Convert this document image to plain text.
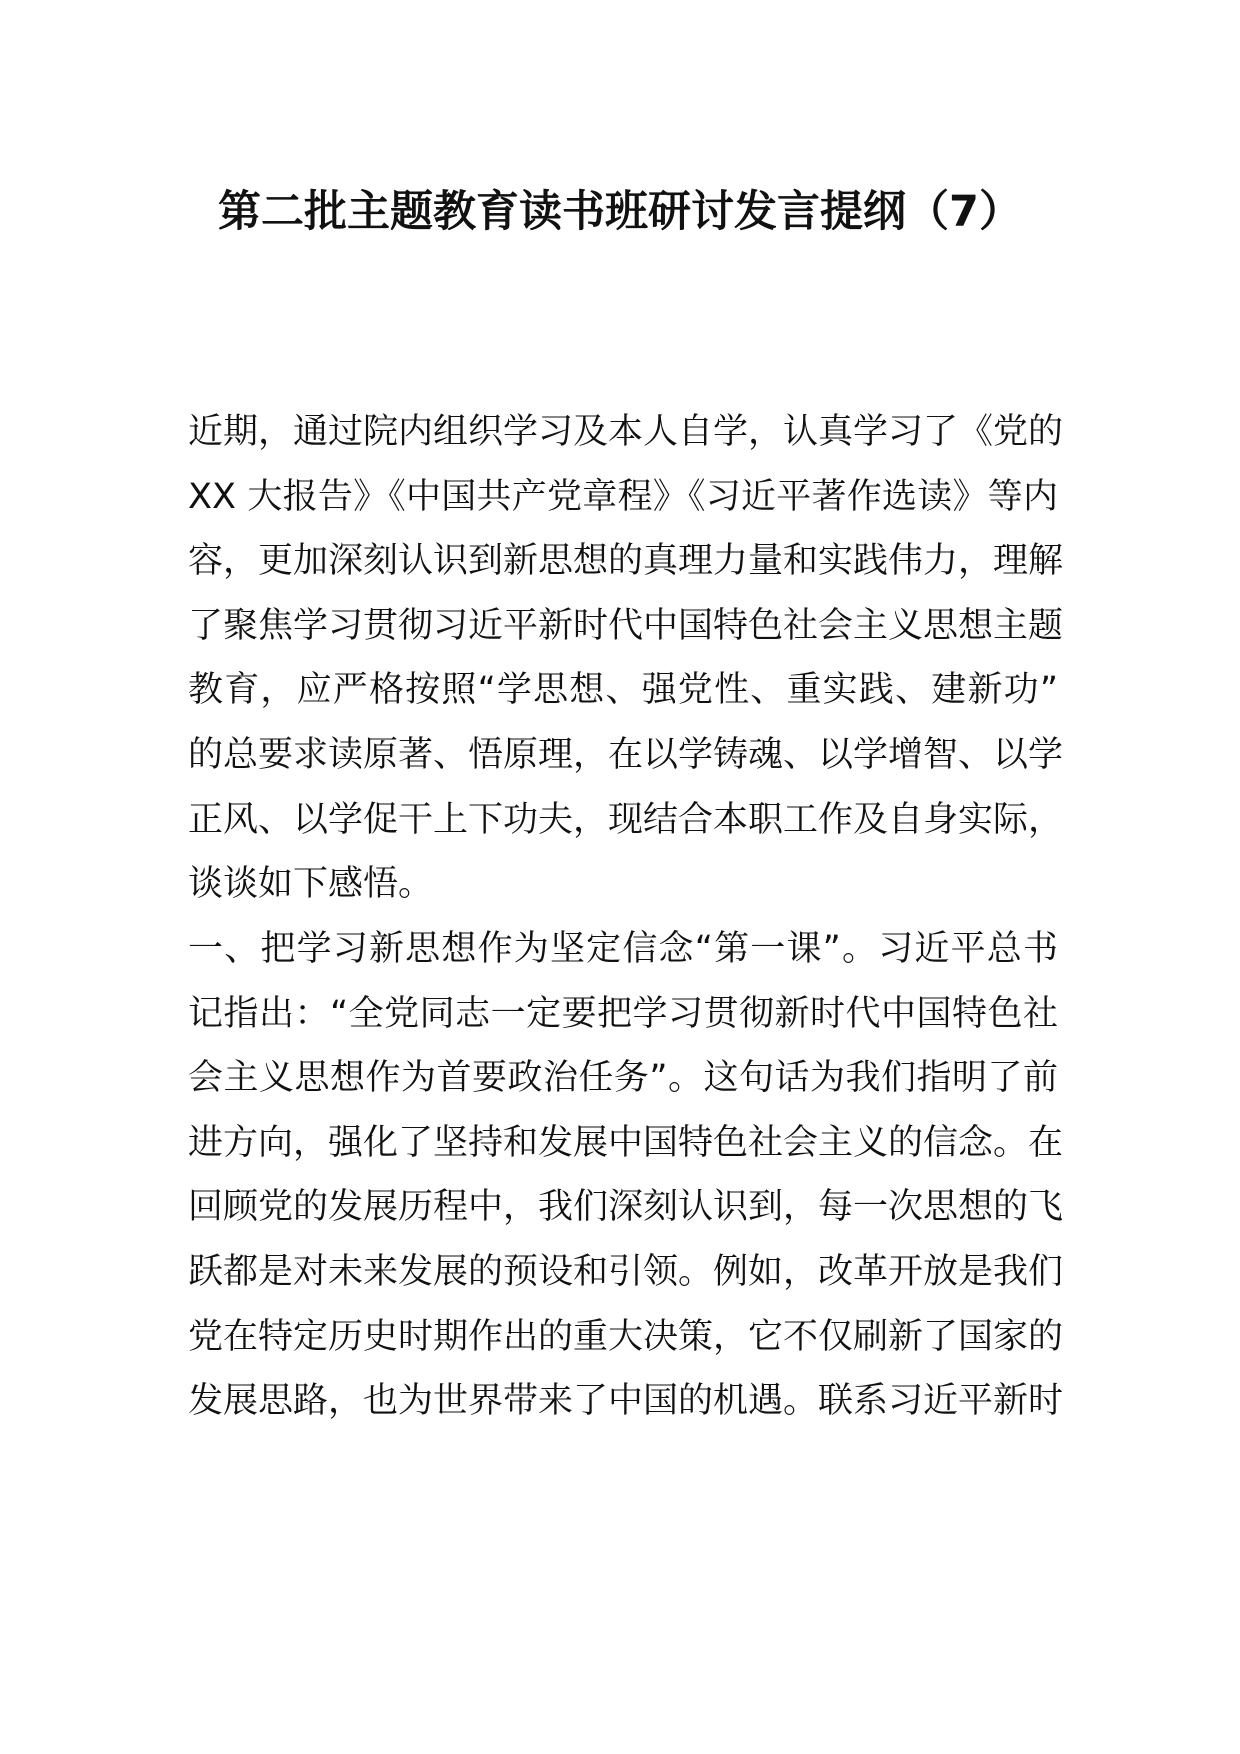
第二批主题教育读书班研讨发言提纲（7）
近期，通过院内组织学习及本人自学，认真学习了《党的
XX 大报告》《中国共产党章程》《习近平著作选读》等内
容，更加深刻认识到新思想的真理力量和实践伟力，理解
了聚焦学习贯彻习近平新时代中国特色社会主义思想主题
教育，应严格按照“学思想、强党性、重实践、建新功”
的总要求读原著、悟原理，在以学铸魂、以学增智、以学
正风、以学促干上下功夫，现结合本职工作及自身实际，
谈谈如下感悟。
一、把学习新思想作为坚定信念“第一课”。习近平总书
记指出：“全党同志一定要把学习贯彻新时代中国特色社
会主义思想作为首要政治任务”。这句话为我们指明了前
进方向，强化了坚持和发展中国特色社会主义的信念。在
回顾党的发展历程中，我们深刻认识到，每一次思想的飞
跃都是对未来发展的预设和引领。例如，改革开放是我们
党在特定历史时期作出的重大决策，它不仅刷新了国家的
发展思路，也为世界带来了中国的机遇。联系习近平新时
